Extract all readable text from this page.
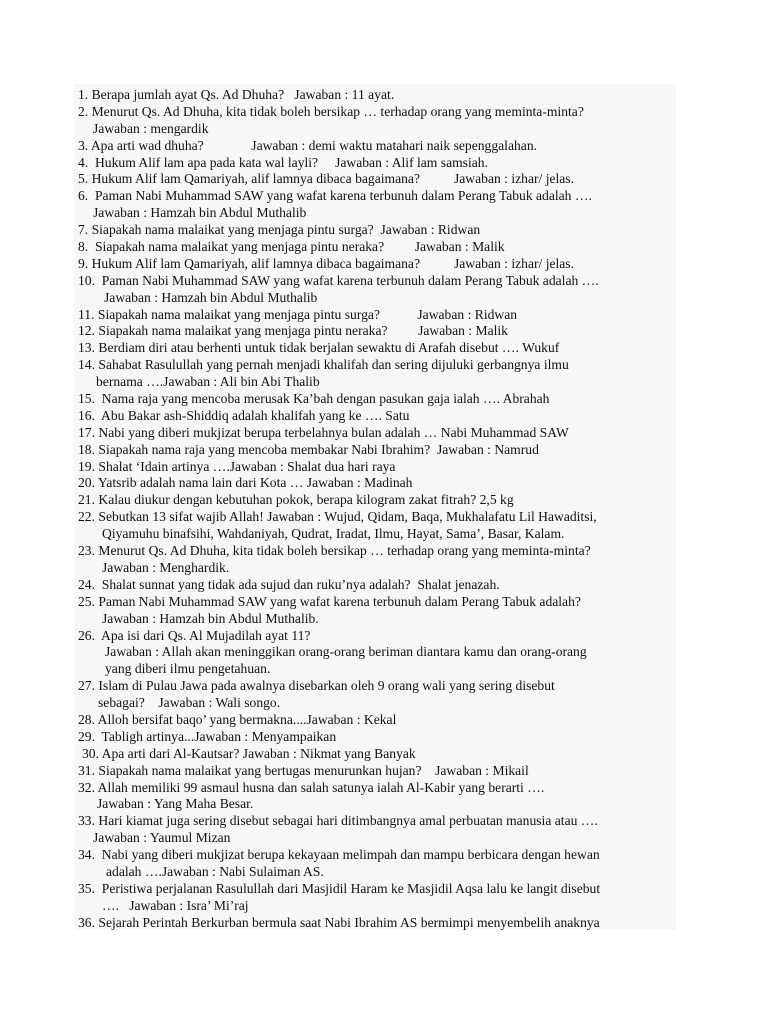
1. Berapa jumlah ayat Qs. Ad Dhuha?   Jawaban : 11 ayat.
2. Menurut Qs. Ad Dhuha, kita tidak boleh bersikap … terhadap orang yang meminta-minta?
Jawaban : mengardik
3. Apa arti wad dhuha?              Jawaban : demi waktu matahari naik sepenggalahan.
4.  Hukum Alif lam apa pada kata wal layli?     Jawaban : Alif lam samsiah.
5. Hukum Alif lam Qamariyah, alif lamnya dibaca bagaimana?          Jawaban : izhar/ jelas.
6.  Paman Nabi Muhammad SAW yang wafat karena terbunuh dalam Perang Tabuk adalah ….
Jawaban : Hamzah bin Abdul Muthalib
7. Siapakah nama malaikat yang menjaga pintu surga?  Jawaban : Ridwan
8.  Siapakah nama malaikat yang menjaga pintu neraka?         Jawaban : Malik
9. Hukum Alif lam Qamariyah, alif lamnya dibaca bagaimana?          Jawaban : izhar/ jelas.
10.  Paman Nabi Muhammad SAW yang wafat karena terbunuh dalam Perang Tabuk adalah ….
Jawaban : Hamzah bin Abdul Muthalib
11. Siapakah nama malaikat yang menjaga pintu surga?           Jawaban : Ridwan
12. Siapakah nama malaikat yang menjaga pintu neraka?         Jawaban : Malik
13. Berdiam diri atau berhenti untuk tidak berjalan sewaktu di Arafah disebut …. Wukuf
14. Sahabat Rasulullah yang pernah menjadi khalifah dan sering dijuluki gerbangnya ilmu
bernama ….Jawaban : Ali bin Abi Thalib
15.  Nama raja yang mencoba merusak Ka’bah dengan pasukan gaja ialah …. Abrahah
16.  Abu Bakar ash-Shiddiq adalah khalifah yang ke …. Satu
17. Nabi yang diberi mukjizat berupa terbelahnya bulan adalah … Nabi Muhammad SAW
18. Siapakah nama raja yang mencoba membakar Nabi Ibrahim?  Jawaban : Namrud
19. Shalat ‘Idain artinya ….Jawaban : Shalat dua hari raya
20. Yatsrib adalah nama lain dari Kota … Jawaban : Madinah
21. Kalau diukur dengan kebutuhan pokok, berapa kilogram zakat fitrah? 2,5 kg
22. Sebutkan 13 sifat wajib Allah! Jawaban : Wujud, Qidam, Baqa, Mukhalafatu Lil Hawaditsi,
Qiyamuhu binafsihi, Wahdaniyah, Qudrat, Iradat, Ilmu, Hayat, Sama’, Basar, Kalam.
23. Menurut Qs. Ad Dhuha, kita tidak boleh bersikap … terhadap orang yang meminta-minta?
Jawaban : Menghardik.
24.  Shalat sunnat yang tidak ada sujud dan ruku’nya adalah?  Shalat jenazah.
25. Paman Nabi Muhammad SAW yang wafat karena terbunuh dalam Perang Tabuk adalah?
Jawaban : Hamzah bin Abdul Muthalib.
26.  Apa isi dari Qs. Al Mujadilah ayat 11?
Jawaban : Allah akan meninggikan orang-orang beriman diantara kamu dan orang-orang
yang diberi ilmu pengetahuan.
27. Islam di Pulau Jawa pada awalnya disebarkan oleh 9 orang wali yang sering disebut
sebagai?    Jawaban : Wali songo.
28. Alloh bersifat baqo’ yang bermakna....Jawaban : Kekal
29.  Tabligh artinya...Jawaban : Menyampaikan
30. Apa arti dari Al-Kautsar? Jawaban : Nikmat yang Banyak
31. Siapakah nama malaikat yang bertugas menurunkan hujan?    Jawaban : Mikail
32. Allah memiliki 99 asmaul husna dan salah satunya ialah Al-Kabir yang berarti ….
Jawaban : Yang Maha Besar.
33. Hari kiamat juga sering disebut sebagai hari ditimbangnya amal perbuatan manusia atau ….
Jawaban : Yaumul Mizan
34.  Nabi yang diberi mukjizat berupa kekayaan melimpah dan mampu berbicara dengan hewan
adalah ….Jawaban : Nabi Sulaiman AS.
35.  Peristiwa perjalanan Rasulullah dari Masjidil Haram ke Masjidil Aqsa lalu ke langit disebut
….   Jawaban : Isra’ Mi’raj
36. Sejarah Perintah Berkurban bermula saat Nabi Ibrahim AS bermimpi menyembelih anaknya
